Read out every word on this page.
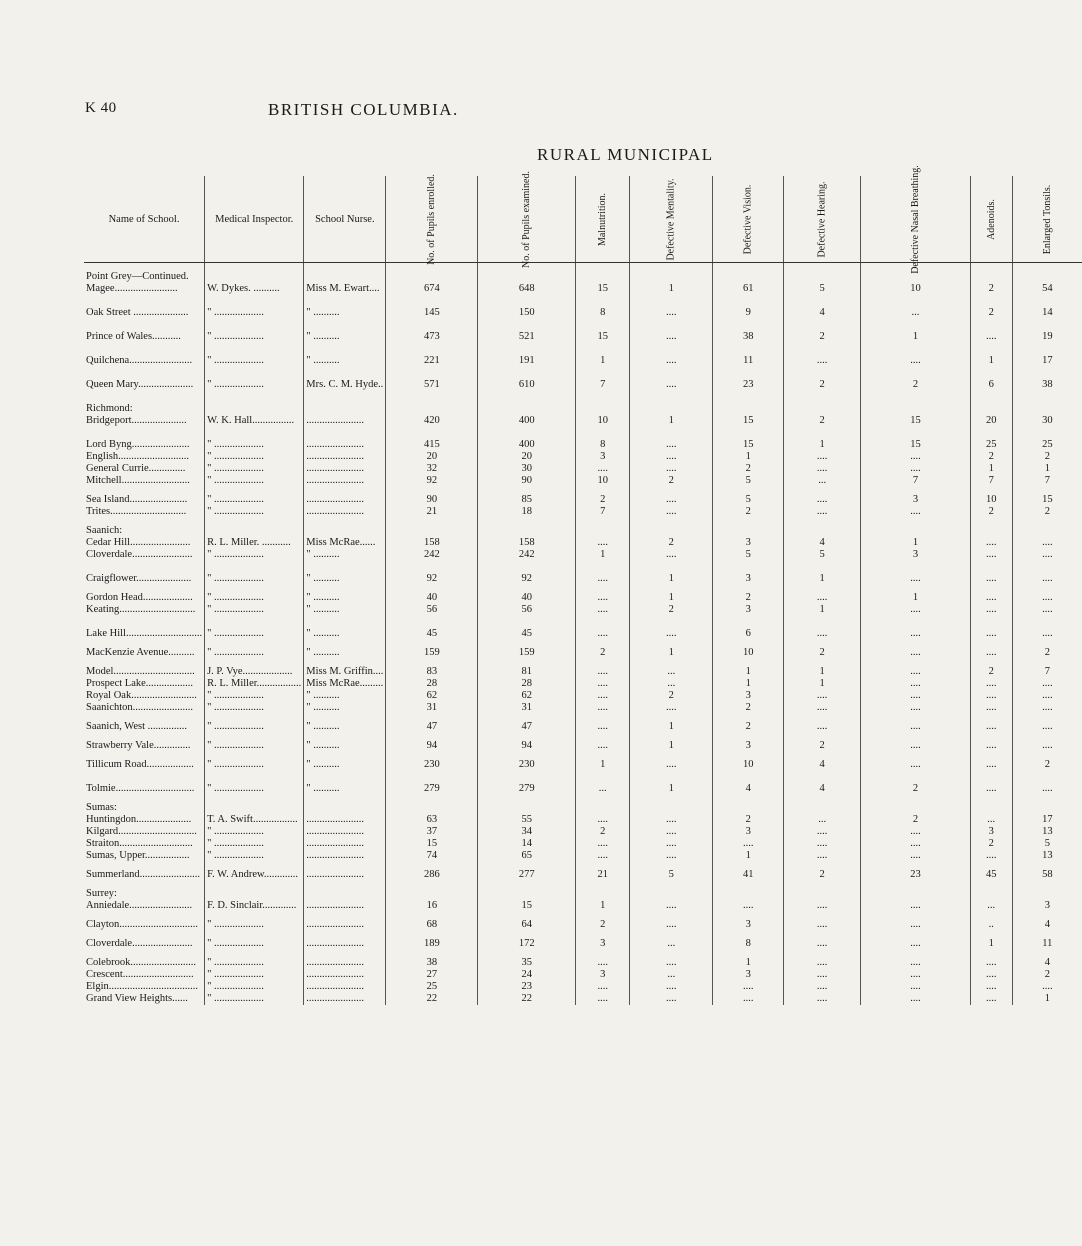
K 40	BRITISH COLUMBIA.
RURAL MUNICIPAL
Name of School.	Medical Inspector.	School Nurse.	No. of Pupils enrolled.	No. of Pupils examined.	Malnutrition.	Defective Mentality.	Defective Vision.	Defective Hearing.	Defective Nasal Breathing.	Adenoids.	Enlarged Tonsils.

Point Grey—Continued.											
Magee........................	W. Dykes. ..........	Miss M. Ewart....	674	648	15	1	61	5	10	2	54
Oak Street .....................	" ...................	" ..........	145	150	8	....	9	4	...	2	14
Prince of Wales...........	" ...................	" ..........	473	521	15	....	38	2	1	....	19
Quilchena........................	" ...................	" ..........	221	191	1	....	11	....	....	1	17
Queen Mary.....................	" ...................	Mrs. C. M. Hyde..	571	610	7	....	23	2	2	6	38
Richmond:											
Bridgeport.....................	W. K. Hall................	......................	420	400	10	1	15	2	15	20	30
Lord Byng......................	" ...................	......................	415	400	8	....	15	1	15	25	25
English...........................	" ...................	......................	20	20	3	....	1	....	....	2	2
General Currie..............	" ...................	......................	32	30	....	....	2	....	....	1	1
Mitchell..........................	" ...................	......................	92	90	10	2	5	...	7	7	7
Sea Island......................	" ...................	......................	90	85	2	....	5	....	3	10	15
Trites.............................	" ...................	......................	21	18	7	....	2	....	....	2	2
Saanich:											
Cedar Hill.......................	R. L. Miller. ...........	Miss McRae......	158	158	....	2	3	4	1	....	....
Cloverdale.......................	" ...................	" ..........	242	242	1	....	5	5	3	....	....
Craigflower.....................	" ...................	" ..........	92	92	....	1	3	1	....	....	....
Gordon Head...................	" ...................	" ..........	40	40	....	1	2	....	1	....	....
Keating.............................	" ...................	" ..........	56	56	....	2	3	1	....	....	....
Lake Hill.............................	" ...................	" ..........	45	45	....	....	6	....	....	....	....
MacKenzie Avenue..........	" ...................	" ..........	159	159	2	1	10	2	....	....	2
Model...............................	J. P. Vye...................	Miss M. Griffin....	83	81	....	...	1	1	....	2	7
Prospect Lake..................	R. L. Miller.................	Miss McRae.........	28	28	....	...	1	1	....	....	....
Royal Oak.........................	" ...................	" ..........	62	62	....	2	3	....	....	....	....
Saanichton.......................	" ...................	" ..........	31	31	....	....	2	....	....	....	....
Saanich, West ...............	" ...................	" ..........	47	47	....	1	2	....	....	....	....
Strawberry Vale..............	" ...................	" ..........	94	94	....	1	3	2	....	....	....
Tillicum Road..................	" ...................	" ..........	230	230	1	....	10	4	....	....	2
Tolmie..............................	" ...................	" ..........	279	279	...	1	4	4	2	....	....
Sumas:											
Huntingdon.....................	T. A. Swift.................	......................	63	55	....	....	2	...	2	...	17
Kilgard..............................	" ...................	......................	37	34	2	....	3	....	....	3	13
Straiton............................	" ...................	......................	15	14	....	....	....	....	....	2	5
Sumas, Upper.................	" ...................	......................	74	65	....	....	1	....	....	....	13
Summerland.......................	F. W. Andrew.............	......................	286	277	21	5	41	2	23	45	58
Surrey:											
Anniedale........................	F. D. Sinclair.............	......................	16	15	1	....	....	....	....	...	3
Clayton..............................	" ...................	......................	68	64	2	....	3	....	....	..	4
Cloverdale.......................	" ...................	......................	189	172	3	...	8	....	....	1	11
Colebrook.........................	" ...................	......................	38	35	....	....	1	....	....	....	4
Crescent...........................	" ...................	......................	27	24	3	...	3	....	....	....	2
Elgin..................................	" ...................	......................	25	23	....	....	....	....	....	....	....
Grand View Heights......	" ...................	......................	22	22	....	....	....	....	....	....	1
